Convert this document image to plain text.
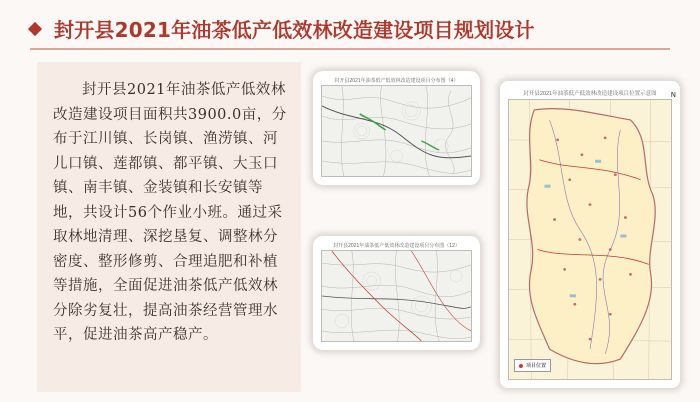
封开县2021年油茶低产低效林改造建设项目规划设计

封开县2021年油茶低产低效林改造建设项目面积共3900.0亩，分布于江川镇、长岗镇、渔涝镇、河儿口镇、莲都镇、都平镇、大玉口镇、南丰镇、金装镇和长安镇等地，共设计56个作业小班。通过采取林地清理、深挖垦复、调整林分密度、整形修剪、合理追肥和补植等措施，全面促进油茶低产低效林分除劣复壮，提高油茶经营管理水平，促进油茶高产稳产。

封开县2021年油茶低产低效林改造建设项目分布图（4）
封开县2021年油茶低产低效林改造建设项目分布图（12）
封开县2021年油茶低产低效林改造建设项目位置示意图	N
项目位置
